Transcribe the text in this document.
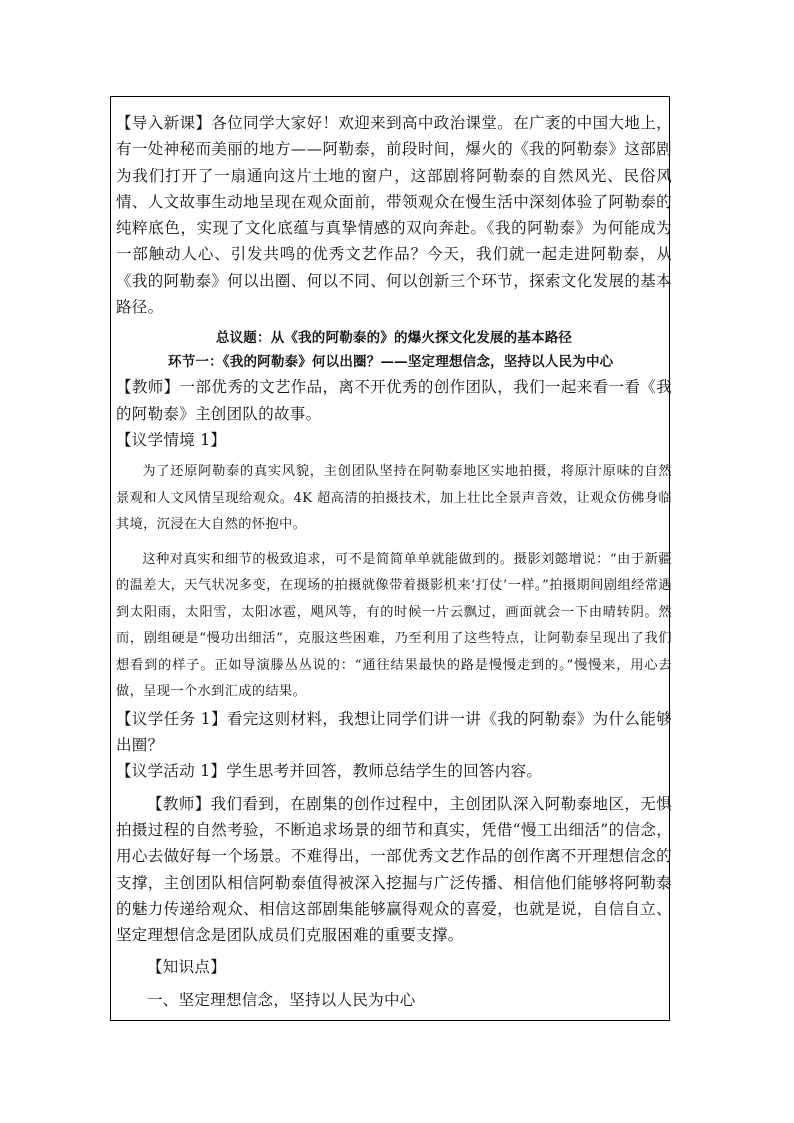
【导入新课】各位同学大家好！欢迎来到高中政治课堂。在广袤的中国大地上，有一处神秘而美丽的地方——阿勒泰，前段时间，爆火的《我的阿勒泰》这部剧为我们打开了一扇通向这片土地的窗户，这部剧将阿勒泰的自然风光、民俗风情、人文故事生动地呈现在观众面前，带领观众在慢生活中深刻体验了阿勒泰的纯粹底色，实现了文化底蕴与真挚情感的双向奔赴。《我的阿勒泰》为何能成为一部触动人心、引发共鸣的优秀文艺作品？今天，我们就一起走进阿勒泰，从《我的阿勒泰》何以出圈、何以不同、何以创新三个环节，探索文化发展的基本路径。

总议题：从《我的阿勒泰的》的爆火探文化发展的基本路径
环节一：《我的阿勒泰》何以出圈？——坚定理想信念，坚持以人民为中心

【教师】一部优秀的文艺作品，离不开优秀的创作团队，我们一起来看一看《我的阿勒泰》主创团队的故事。

【议学情境 1】

为了还原阿勒泰的真实风貌，主创团队坚持在阿勒泰地区实地拍摄，将原汁原味的自然景观和人文风情呈现给观众。4K 超高清的拍摄技术，加上壮比全景声音效，让观众仿佛身临其境，沉浸在大自然的怀抱中。

这种对真实和细节的极致追求，可不是简简单单就能做到的。摄影刘懿增说：“由于新疆的温差大，天气状况多变，在现场的拍摄就像带着摄影机来‘打仗’一样。”拍摄期间剧组经常遇到太阳雨，太阳雪，太阳冰雹，飓风等，有的时候一片云飘过，画面就会一下由晴转阴。然而，剧组硬是“慢功出细活”，克服这些困难，乃至利用了这些特点，让阿勒泰呈现出了我们想看到的样子。正如导演滕丛丛说的：“通往结果最快的路是慢慢走到的。”慢慢来，用心去做，呈现一个水到汇成的结果。

【议学任务 1】看完这则材料，我想让同学们讲一讲《我的阿勒泰》为什么能够出圈？

【议学活动 1】学生思考并回答，教师总结学生的回答内容。

【教师】我们看到，在剧集的创作过程中，主创团队深入阿勒泰地区，无惧拍摄过程的自然考验，不断追求场景的细节和真实，凭借“慢工出细活”的信念，用心去做好每一个场景。不难得出，一部优秀文艺作品的创作离不开理想信念的支撑，主创团队相信阿勒泰值得被深入挖掘与广泛传播、相信他们能够将阿勒泰的魅力传递给观众、相信这部剧集能够赢得观众的喜爱，也就是说，自信自立、坚定理想信念是团队成员们克服困难的重要支撑。

【知识点】

一、坚定理想信念，坚持以人民为中心
